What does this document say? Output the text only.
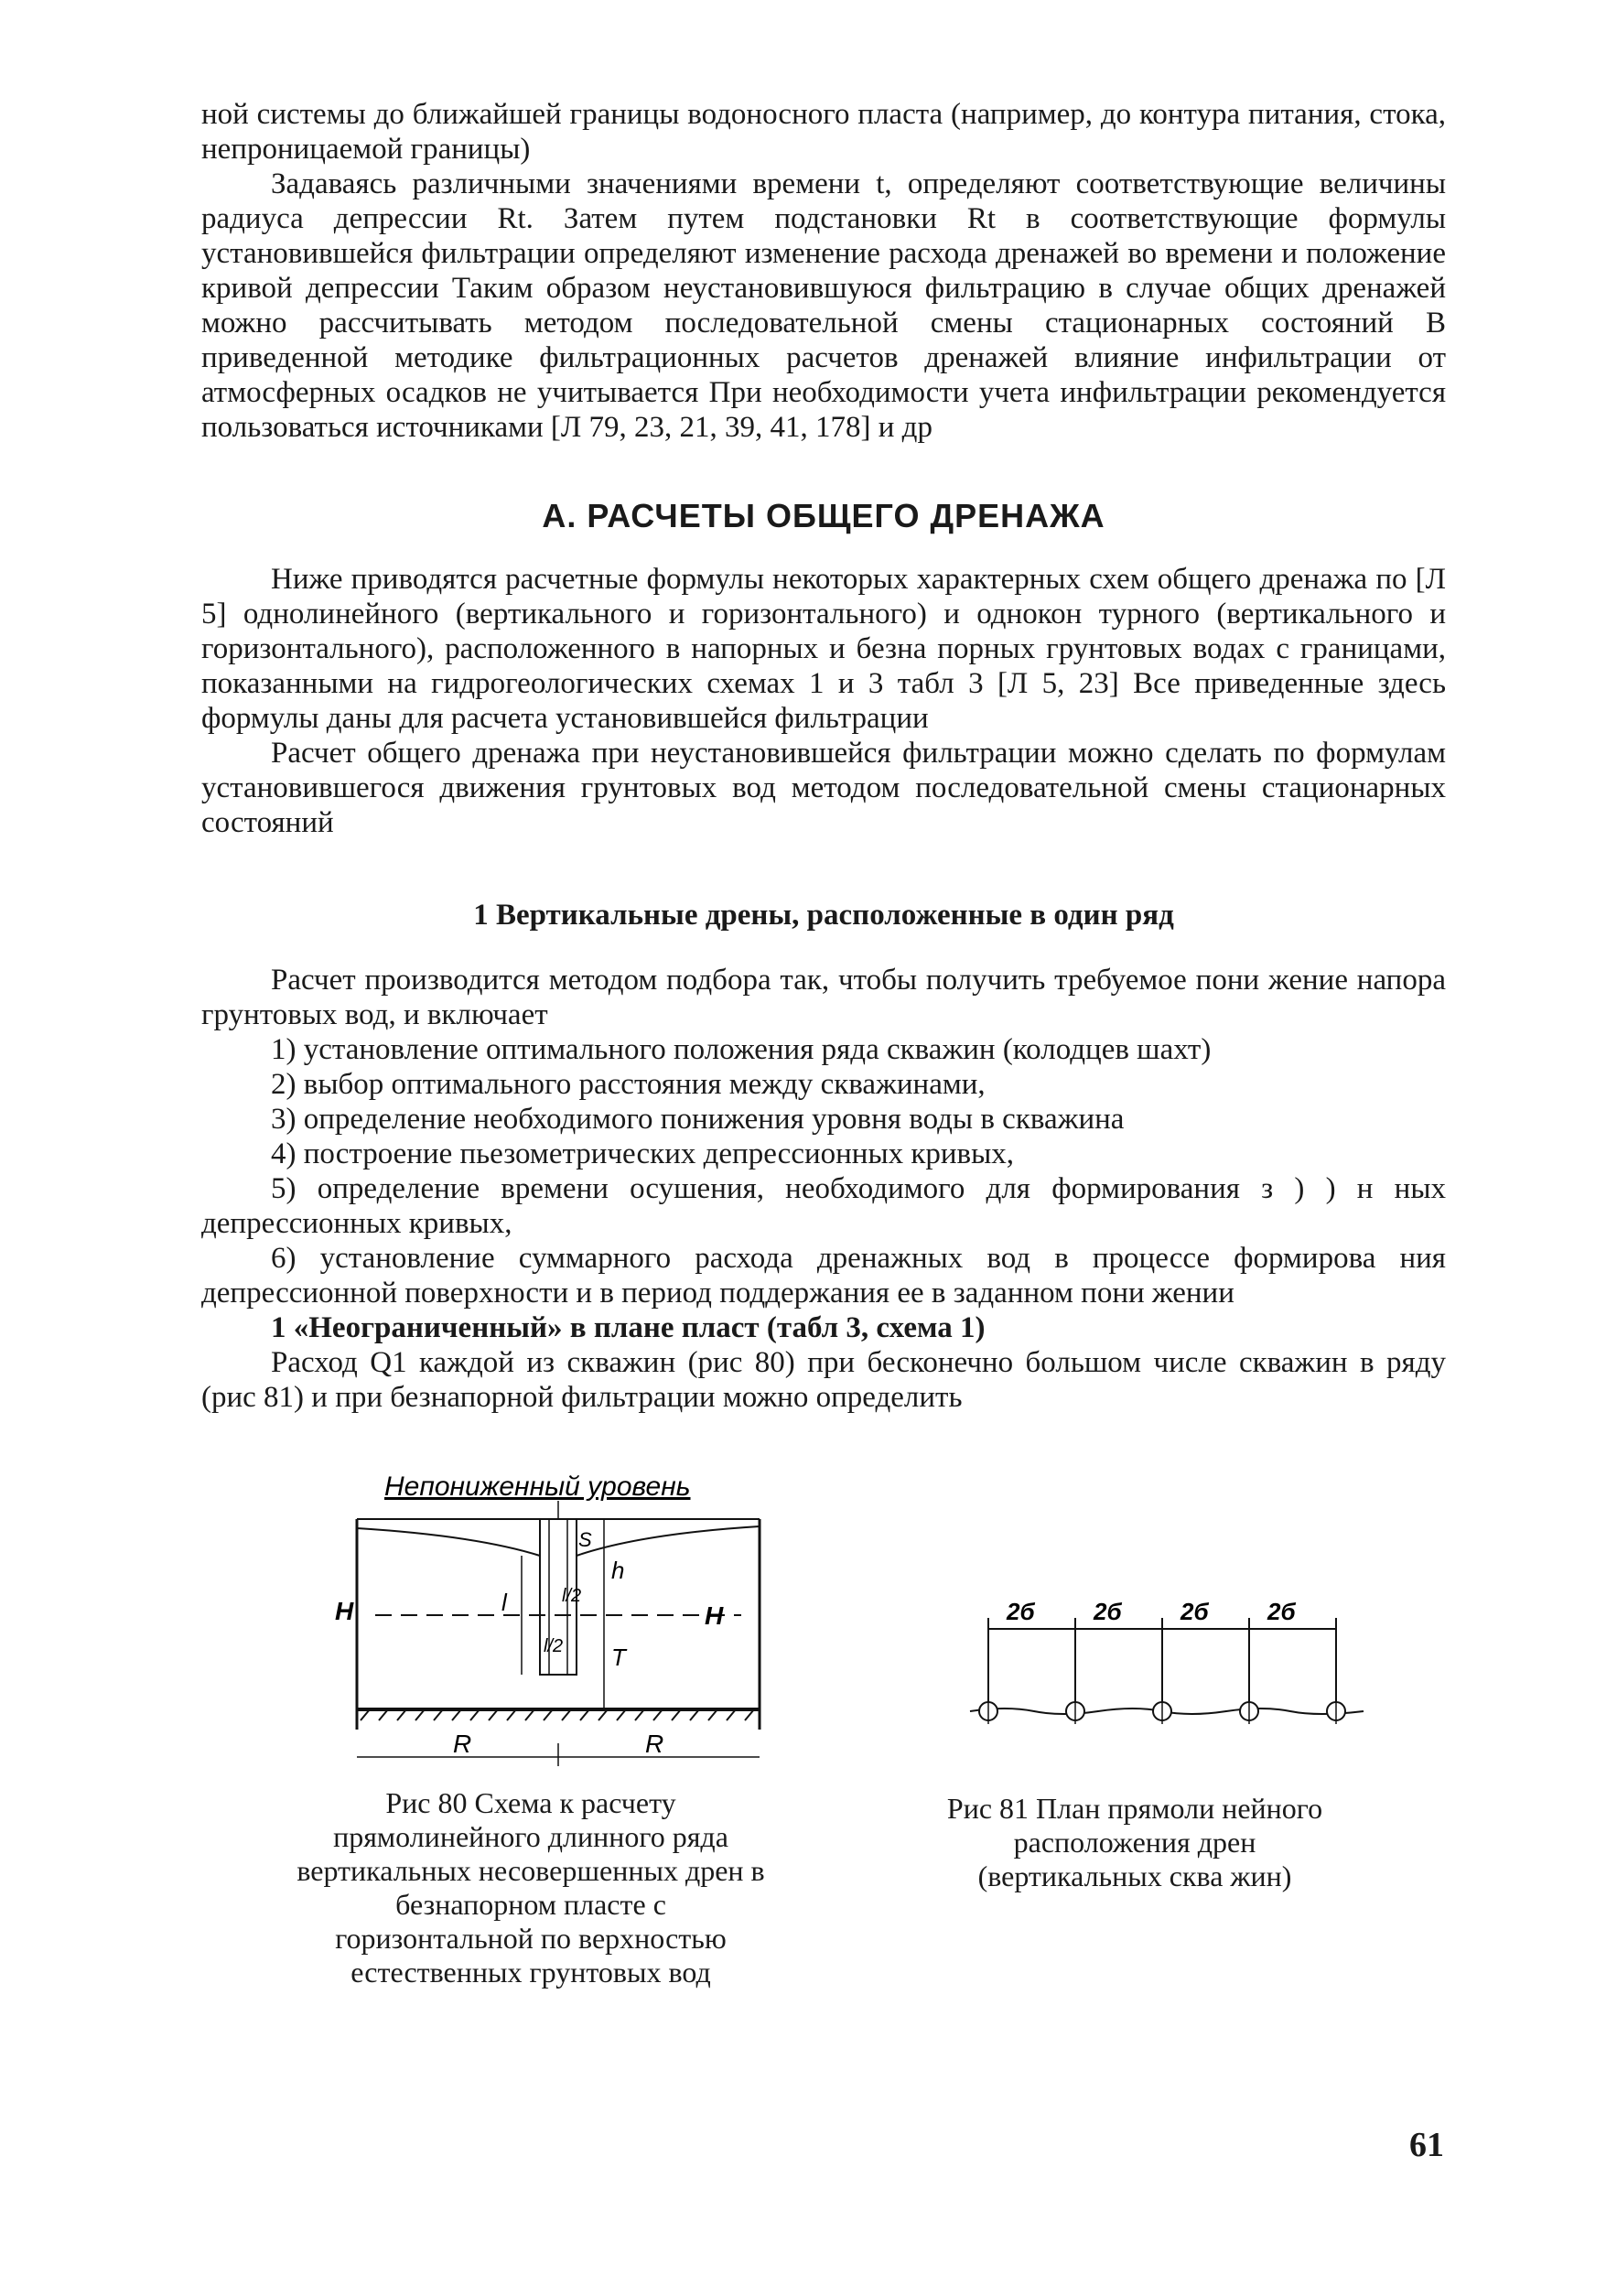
ной системы до ближайшей границы водоносного пласта (например, до контура питания, стока, непроницаемой границы)

Задаваясь различными значениями времени t, определяют соответствующие величины радиуса депрессии Rt. Затем путем подстановки Rt в соответствующие формулы установившейся фильтрации определяют изменение расхода дренажей во времени и положение кривой депрессии Таким образом неустановившуюся фильтрацию в случае общих дренажей можно рассчитывать методом последовательной смены стационарных состояний В приведенной методике фильтрационных расчетов дренажей влияние инфильтрации от атмосферных осадков не учитывается При необходимости учета инфильтрации рекомендуется пользоваться источниками [Л 79, 23, 21, 39, 41, 178] и др

А. РАСЧЕТЫ ОБЩЕГО ДРЕНАЖА

Ниже приводятся расчетные формулы некоторых характерных схем общего дренажа по [Л 5] однолинейного (вертикального и горизонтального) и однокон турного (вертикального и горизонтального), расположенного в напорных и безна порных грунтовых водах с границами, показанными на гидрогеологических схемах 1 и 3 табл 3 [Л 5, 23] Все приведенные здесь формулы даны для расчета установившейся фильтрации

Расчет общего дренажа при неустановившейся фильтрации можно сделать по формулам установившегося движения грунтовых вод методом последовательной смены стационарных состояний

1 Вертикальные дрены, расположенные в один ряд

Расчет производится методом подбора так, чтобы получить требуемое пони жение напора грунтовых вод, и включает

1) установление оптимального положения ряда скважин (колодцев шахт)
2) выбор оптимального расстояния между скважинами,
3) определение необходимого понижения уровня воды в скважина
4) построение пьезометрических депрессионных кривых,
5) определение времени осушения, необходимого для формирования з ) ) н ных депрессионных кривых,
6) установление суммарного расхода дренажных вод в процессе формирова ния депрессионной поверхности и в период поддержания ее в заданном пони жении

1 «Неограниченный» в плане пласт (табл 3, схема 1)

Расход Q1 каждой из скважин (рис 80) при бесконечно большом числе скважин в ряду (рис 81) и при безнапорной фильтрации можно определить

Непониженный уровень
H	H
l
l/2
l/2
S
h
T
R	R
Рис 80 Схема к расчету прямолинейного длинного ряда вертикальных несовершенных дрен в безнапорном пласте с горизонтальной по верхностью естественных грунтовых вод
2б 2б 2б 2б
Рис 81 План прямоли нейного расположения дрен (вертикальных сква жин)
61
